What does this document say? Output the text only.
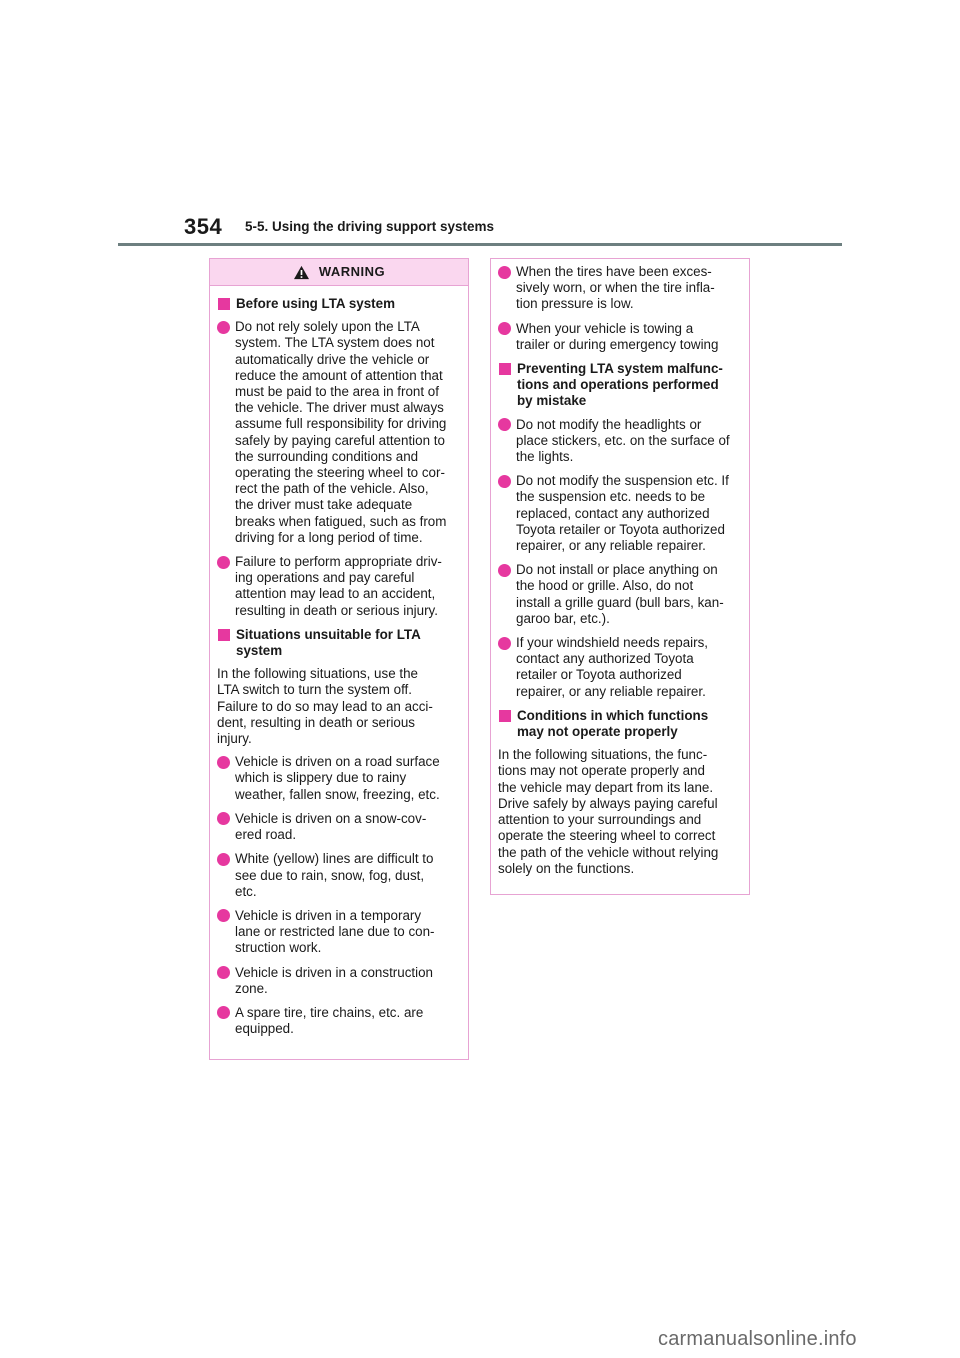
354 5-5. Using the driving support systems
WARNING
Before using LTA system
Do not rely solely upon the LTA
system. The LTA system does not
automatically drive the vehicle or
reduce the amount of attention that
must be paid to the area in front of
the vehicle. The driver must always
assume full responsibility for driving
safely by paying careful attention to
the surrounding conditions and
operating the steering wheel to cor-
rect the path of the vehicle. Also,
the driver must take adequate
breaks when fatigued, such as from
driving for a long period of time.
Failure to perform appropriate driv-
ing operations and pay careful
attention may lead to an accident,
resulting in death or serious injury.
Situations unsuitable for LTA
system
In the following situations, use the
LTA switch to turn the system off.
Failure to do so may lead to an acci-
dent, resulting in death or serious
injury.
Vehicle is driven on a road surface
which is slippery due to rainy
weather, fallen snow, freezing, etc.
Vehicle is driven on a snow-cov-
ered road.
White (yellow) lines are difficult to
see due to rain, snow, fog, dust,
etc.
Vehicle is driven in a temporary
lane or restricted lane due to con-
struction work.
Vehicle is driven in a construction
zone.
A spare tire, tire chains, etc. are
equipped.
When the tires have been exces-
sively worn, or when the tire infla-
tion pressure is low.
When your vehicle is towing a
trailer or during emergency towing
Preventing LTA system malfunc-
tions and operations performed
by mistake
Do not modify the headlights or
place stickers, etc. on the surface of
the lights.
Do not modify the suspension etc. If
the suspension etc. needs to be
replaced, contact any authorized
Toyota retailer or Toyota authorized
repairer, or any reliable repairer.
Do not install or place anything on
the hood or grille. Also, do not
install a grille guard (bull bars, kan-
garoo bar, etc.).
If your windshield needs repairs,
contact any authorized Toyota
retailer or Toyota authorized
repairer, or any reliable repairer.
Conditions in which functions
may not operate properly
In the following situations, the func-
tions may not operate properly and
the vehicle may depart from its lane.
Drive safely by always paying careful
attention to your surroundings and
operate the steering wheel to correct
the path of the vehicle without relying
solely on the functions.
carmanualsonline.info
